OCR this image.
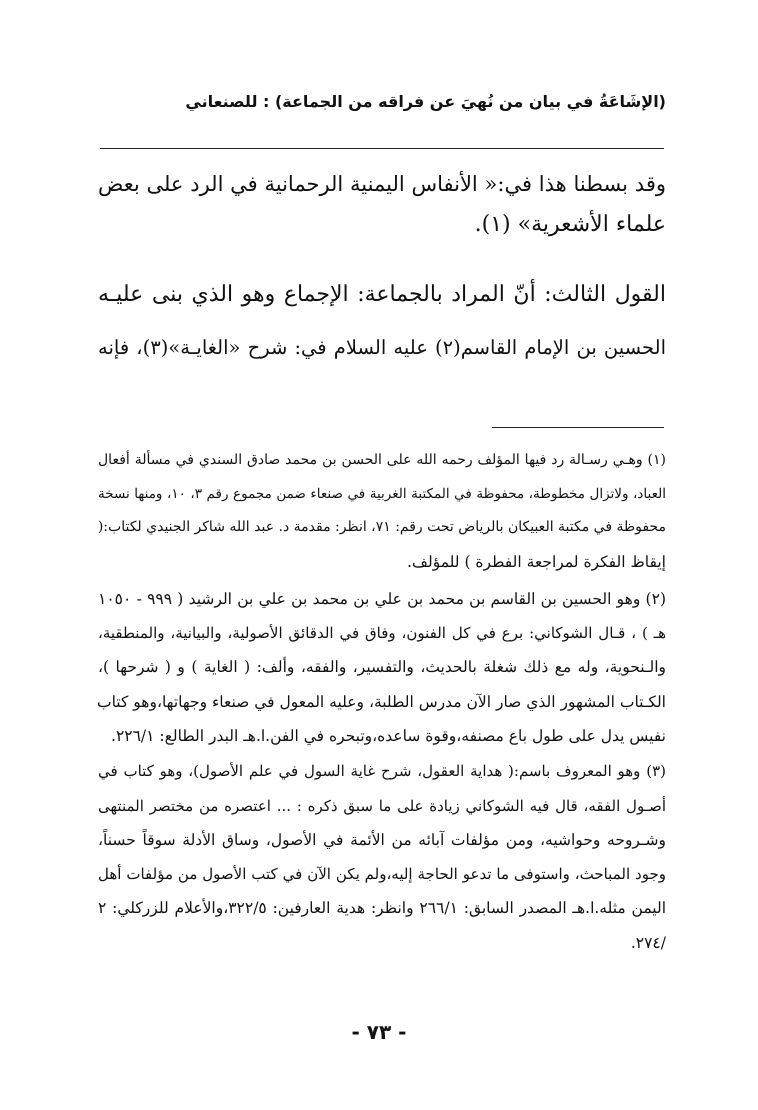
(الإشَاعَةُ في بيان من نُهيَ عن فراقه من الجماعة) : للصنعاني
وقد بسطنا هذا في:« الأنفاس اليمنية الرحمانية في الرد على بعض
علماء الأشعرية» (١).
القول الثالث: أنّ المراد بالجماعة: الإجماع وهو الذي بنى عليـه
الحسين بن الإمام القاسم(٢) عليه السلام في: شرح «الغايـة»(٣)، فإنه
(١) وهـي رسـالة رد فيها المؤلف رحمه الله على الحسن بن محمد صادق السندي في مسألة أفعال
العباد، ولاتزال مخطوطة، محفوظة في المكتبة الغربية في صنعاء ضمن مجموع رقم ٣، ١٠، ومنها نسخة
محفوظة في مكتبة العبيكان بالرياض تحت رقم: ٧١، انظر: مقدمة د. عبد الله شاكر الجنيدي لكتاب:(
إيقاظ الفكرة لمراجعة الفطرة ) للمؤلف.
(٢) وهو الحسين بن القاسم بن محمد بن علي بن محمد بن علي بن الرشيد ( ٩٩٩ - ١٠٥٠
هـ ) ، قـال الشوكاني: برع في كل الفنون، وفاق في الدقائق الأصولية، والبيانية، والمنطقية،
والـنحوية، وله مع ذلك شغلة بالحديث، والتفسير، والفقه، وألف: ( الغاية ) و ( شرحها )،
الكـتاب المشهور الذي صار الآن مدرس الطلبة، وعليه المعول في صنعاء وجهاتها،وهو كتاب
نفيس يدل على طول باع مصنفه،وقوة ساعده،وتبحره في الفن.ا.هـ البدر الطالع: ٢٢٦/١.
(٣) وهو المعروف باسم:( هداية العقول، شرح غاية السول في علم الأصول)، وهو كتاب في
أصـول الفقه، قال فيه الشوكاني زيادة على ما سبق ذكره : ... اعتصره من مختصر المنتهى
وشـروحه وحواشيه، ومن مؤلفات آبائه من الأئمة في الأصول، وساق الأدلة سوقاً حسناً،
وجود المباحث، واستوفى ما تدعو الحاجة إليه،ولم يكن الآن في كتب الأصول من مؤلفات أهل
اليمن مثله.ا.هـ المصدر السابق: ٢٦٦/١ وانظر: هدية العارفين: ٣٢٢/٥،والأعلام للزركلي: ٢
/٢٧٤.
- ٧٣ -
